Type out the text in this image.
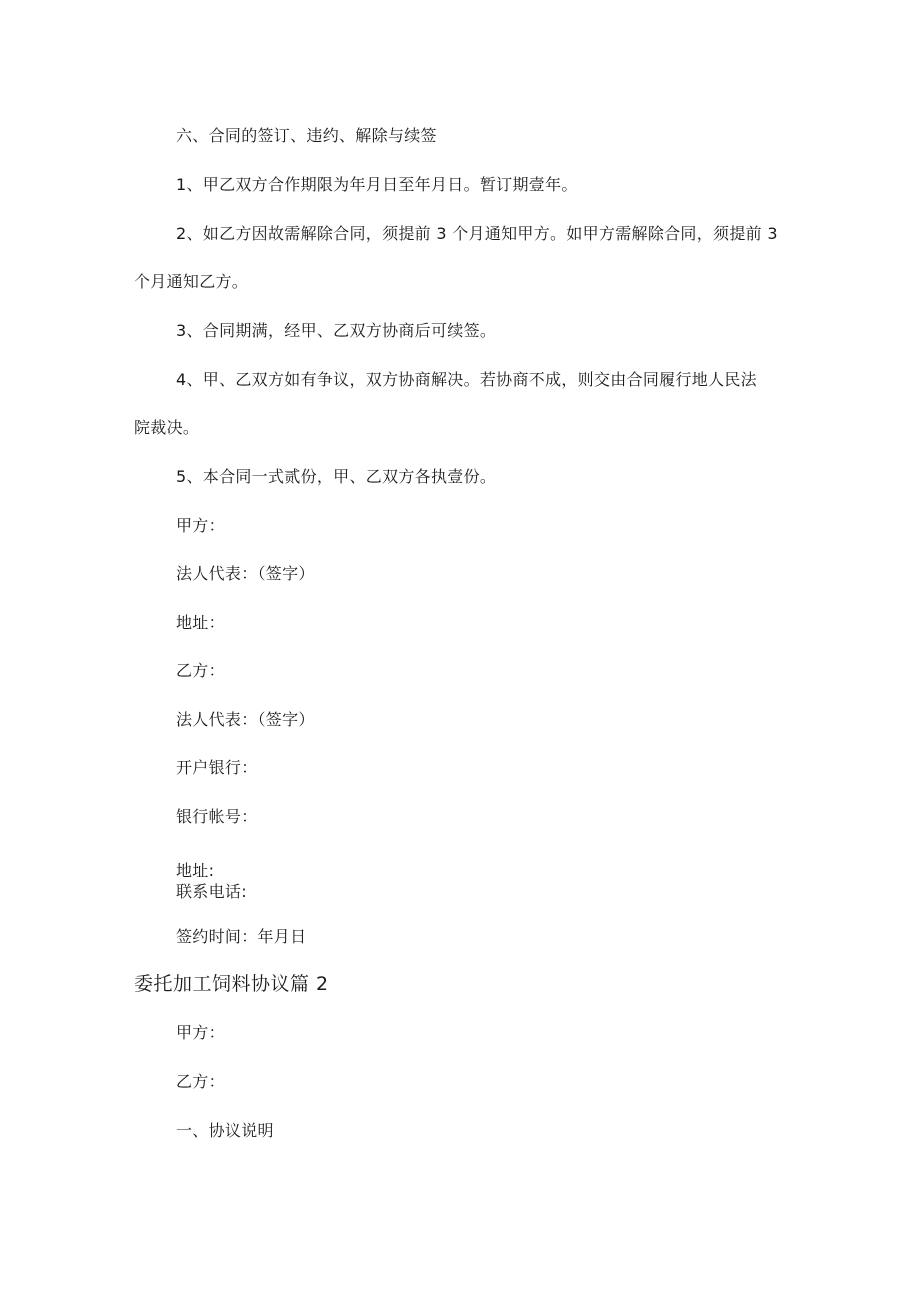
六、合同的签订、违约、解除与续签
1、甲乙双方合作期限为年月日至年月日。暂订期壹年。
2、如乙方因故需解除合同，须提前 3 个月通知甲方。如甲方需解除合同，须提前 3
个月通知乙方。
3、合同期满，经甲、乙双方协商后可续签。
4、甲、乙双方如有争议，双方协商解决。若协商不成，则交由合同履行地人民法
院裁决。
5、本合同一式贰份，甲、乙双方各执壹份。
甲方：
法人代表：（签字）
地址：
乙方：
法人代表：（签字）
开户银行：
银行帐号：
地址:
联系电话:
签约时间：年月日
委托加工饲料协议篇 2
甲方：
乙方：
一、协议说明
